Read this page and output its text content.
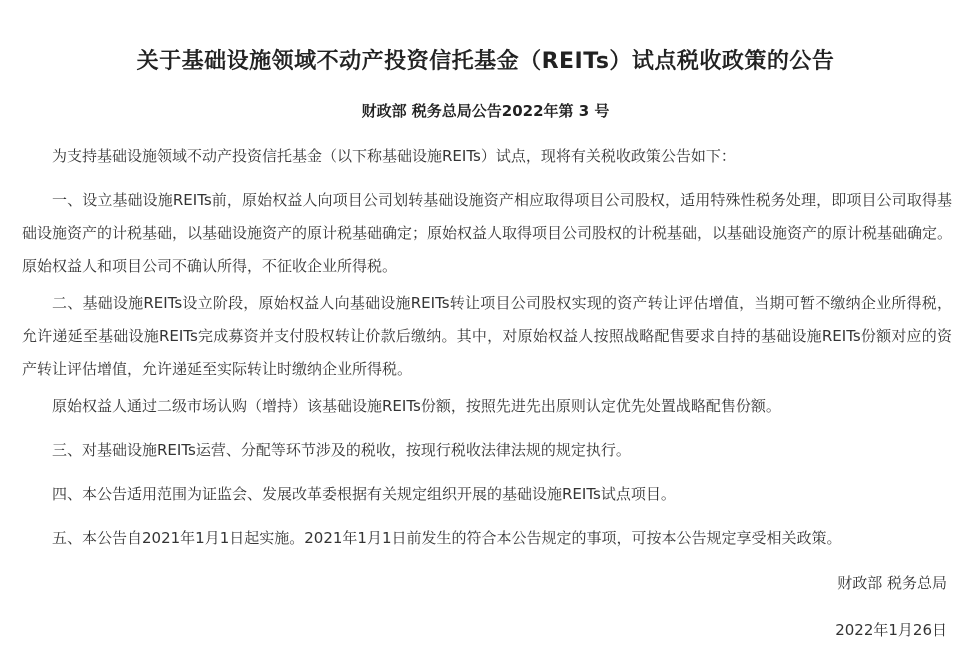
关于基础设施领域不动产投资信托基金（REITs）试点税收政策的公告

财政部 税务总局公告2022年第 3 号

为支持基础设施领域不动产投资信托基金（以下称基础设施REITs）试点，现将有关税收政策公告如下：

一、设立基础设施REITs前，原始权益人向项目公司划转基础设施资产相应取得项目公司股权，适用特殊性税务处理，即项目公司取得基础设施资产的计税基础，以基础设施资产的原计税基础确定；原始权益人取得项目公司股权的计税基础，以基础设施资产的原计税基础确定。原始权益人和项目公司不确认所得，不征收企业所得税。

二、基础设施REITs设立阶段，原始权益人向基础设施REITs转让项目公司股权实现的资产转让评估增值，当期可暂不缴纳企业所得税，允许递延至基础设施REITs完成募资并支付股权转让价款后缴纳。其中，对原始权益人按照战略配售要求自持的基础设施REITs份额对应的资产转让评估增值，允许递延至实际转让时缴纳企业所得税。

原始权益人通过二级市场认购（增持）该基础设施REITs份额，按照先进先出原则认定优先处置战略配售份额。

三、对基础设施REITs运营、分配等环节涉及的税收，按现行税收法律法规的规定执行。

四、本公告适用范围为证监会、发展改革委根据有关规定组织开展的基础设施REITs试点项目。

五、本公告自2021年1月1日起实施。2021年1月1日前发生的符合本公告规定的事项，可按本公告规定享受相关政策。

财政部 税务总局

2022年1月26日
